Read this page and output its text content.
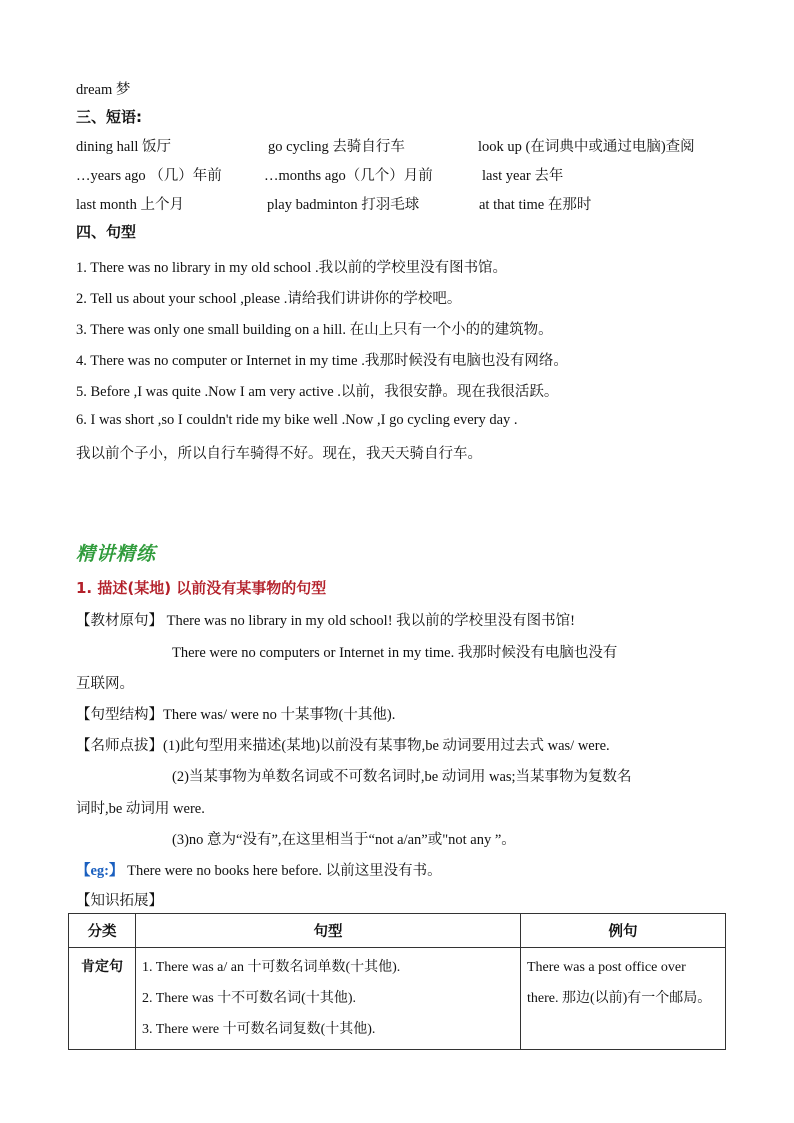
dream 梦
三、短语:
dining hall 饭厅	go cycling 去骑自行车	look up (在词典中或通过电脑)查阅
…years ago （几）年前	…months ago（几个）月前	last year 去年
last month 上个月	play badminton 打羽毛球	at that time 在那时
四、句型
1. There was no library in my old school .我以前的学校里没有图书馆。
2. Tell us about your school ,please .请给我们讲讲你的学校吧。
3. There was only one small building on a hill. 在山上只有一个小的的建筑物。
4. There was no computer or Internet in my time .我那时候没有电脑也没有网络。
5. Before ,I was quite .Now I am very active .以前，我很安静。现在我很活跃。
6. I was short ,so I couldn't ride my bike well .Now ,I go cycling every day .
我以前个子小，所以自行车骑得不好。现在，我天天骑自行车。
精讲精练
1. 描述(某地) 以前没有某事物的句型
【教材原句】 There was no library in my old school! 我以前的学校里没有图书馆!
There were no computers or Internet in my time. 我那时候没有电脑也没有
互联网。
【句型结构】There was/ were no 十某事物(十其他).
【名师点拔】(1)此句型用来描述(某地)以前没有某事物,be 动词要用过去式 was/ were.
(2)当某事物为单数名词或不可数名词时,be 动词用 was;当某事物为复数名
词时,be 动词用 were.
(3)no 意为“没有”,在这里相当于“not a/an”或"not any ”。
【eg:】 There were no books here before. 以前这里没有书。
【知识拓展】
分类	句型	例句
肯定句	1. There was a/ an 十可数名词单数(十其他).
2. There was 十不可数名词(十其他).
3. There were 十可数名词复数(十其他).	There was a post office over
there. 那边(以前)有一个邮局。
